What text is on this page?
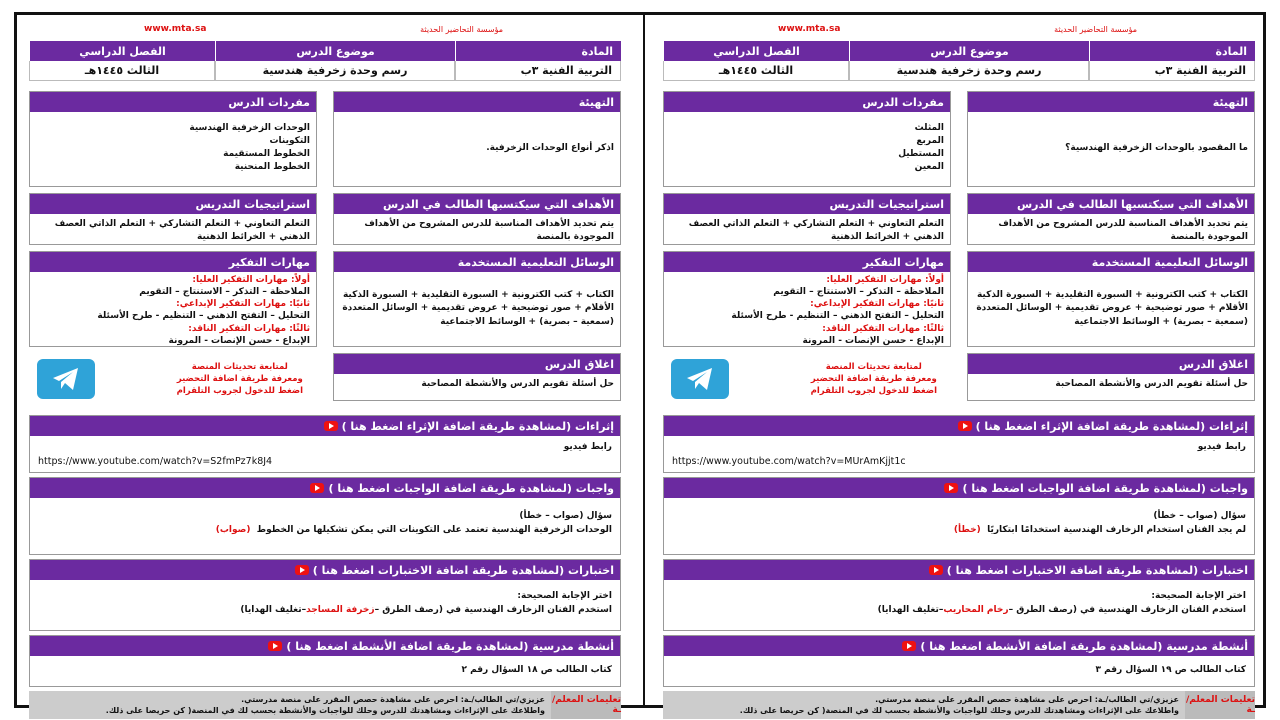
مؤسسة التحاضير الحديثة
www.mta.sa
المادة
موضوع الدرس
الفصل الدراسي
التربية الفنية ٣ب
رسم وحدة زخرفية هندسية
الثالث ١٤٤٥هـ
التهيئة
ما المقصود بالوحدات الزخرفية الهندسية؟
الأهداف التي سيكتسبها الطالب في الدرس
يتم تحديد الأهداف المناسبة للدرس المشروح من الأهداف الموجودة بالمنصة
الوسائل التعليمية المستخدمة
الكتاب + كتب الكترونية + السبورة التقليدية + السبورة الذكية الأقلام + صور توضيحية + عروض تقديمية + الوسائل المتعددة (سمعية – بصرية) + الوسائط الاجتماعية
اغلاق الدرس
حل أسئلة تقويم الدرس والأنشطة المصاحبة
مفردات الدرس
المثلث
المربع
المستطيل
المعين
استراتيجيات التدريس
التعلم التعاوني + التعلم التشاركي + التعلم الذاتي العصف الذهني + الخرائط الذهنية
مهارات التفكير
أولاً: مهارات التفكير العليا:
الملاحظة – التذكر – الاستنتاج – التقويم
ثانيًا: مهارات التفكير الإبداعي:
التحليل – التفتح الذهني – التنظيم - طرح الأسئلة
ثالثًا: مهارات التفكير الناقد:
الإبداع - حسن الإنصات - المرونة
لمتابعة تحديثات المنصة
ومعرفة طريقة اضافة التحضير
اضغط للدخول لجروب التلقرام
إثراءات

(لمشاهدة طريقة اضافة الإثراء اضغط هنا )
رابط فيديو
https://www.youtube.com/watch?v=MUrAmKjjt1c
واجبات

(لمشاهدة طريقة اضافة الواجبات اضغط هنا )
سؤال (صواب – خطأ)
لم يجد الفنان استخدام الزخارف الهندسية استخدامًا ابتكاريًا  (خطأ)
اختبارات

(لمشاهدة طريقة اضافة الاختبارات اضغط هنا )
اختر الإجابة الصحيحة:
استخدم الفنان الزخارف الهندسية في (رصف الطرق –رخام المحاريب–تغليف الهدايا)
أنشطة مدرسية

(لمشاهدة طريقة اضافة الأنشطة اضغط هنا )
كتاب الطالب ص ١٩ السؤال رقم ٣
تعليمات المعلم/ـة
عزيزي/تي الطالب/ـة: احرص على مشاهدة حصص المقرر على منصة مدرستي.
واطلاعك على الإثراءات ومشاهدتك للدرس وحلك للواجبات والأنشطة بحسب لك في المنصة( كن حريصا على ذلك.
مؤسسة التحاضير الحديثة
www.mta.sa
المادة
موضوع الدرس
الفصل الدراسي
التربية الفنية ٣ب
رسم وحدة زخرفية هندسية
الثالث ١٤٤٥هـ
التهيئة
اذكر أنواع الوحدات الزخرفية.
الأهداف التي سيكتسبها الطالب في الدرس
يتم تحديد الأهداف المناسبة للدرس المشروح من الأهداف الموجودة بالمنصة
الوسائل التعليمية المستخدمة
الكتاب + كتب الكترونية + السبورة التقليدية + السبورة الذكية الأقلام + صور توضيحية + عروض تقديمية + الوسائل المتعددة (سمعية – بصرية) + الوسائط الاجتماعية
اغلاق الدرس
حل أسئلة تقويم الدرس والأنشطة المصاحبة
مفردات الدرس
الوحدات الزخرفية الهندسية
التكوينات
الخطوط المستقيمة
الخطوط المنحنية
استراتيجيات التدريس
التعلم التعاوني + التعلم التشاركي + التعلم الذاتي العصف الذهني + الخرائط الذهنية
مهارات التفكير
أولاً: مهارات التفكير العليا:
الملاحظة – التذكر – الاستنتاج – التقويم
ثانيًا: مهارات التفكير الإبداعي:
التحليل – التفتح الذهني – التنظيم - طرح الأسئلة
ثالثًا: مهارات التفكير الناقد:
الإبداع - حسن الإنصات - المرونة
لمتابعة تحديثات المنصة
ومعرفة طريقة اضافة التحضير
اضغط للدخول لجروب التلقرام
إثراءات

(لمشاهدة طريقة اضافة الإثراء اضغط هنا )
رابط فيديو
https://www.youtube.com/watch?v=S2fmPz7k8J4
واجبات

(لمشاهدة طريقة اضافة الواجبات اضغط هنا )
سؤال (صواب – خطأ)
الوحدات الزخرفية الهندسية تعتمد على التكوينات التي يمكن تشكيلها من الخطوط  (صواب)
اختبارات

(لمشاهدة طريقة اضافة الاختبارات اضغط هنا )
اختر الإجابة الصحيحة:
استخدم الفنان الزخارف الهندسية في (رصف الطرق –زخرفة المساجد–تغليف الهدايا)
أنشطة مدرسية

(لمشاهدة طريقة اضافة الأنشطة اضغط هنا )
كتاب الطالب ص ١٨ السؤال رقم ٢
تعليمات المعلم/ـة
عزيزي/تي الطالب/ـة: احرص على مشاهدة حصص المقرر على منصة مدرستي.
واطلاعك على الإثراءات ومشاهدتك للدرس وحلك للواجبات والأنشطة بحسب لك في المنصة( كن حريصا على ذلك.
